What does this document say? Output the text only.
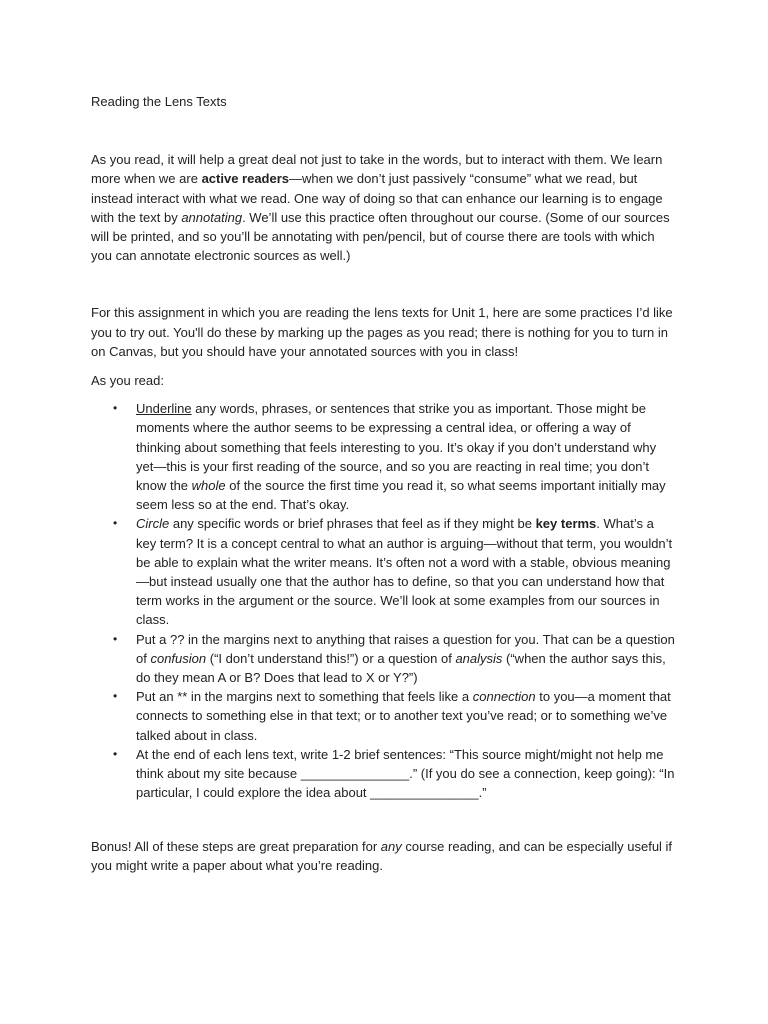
Reading the Lens Texts

As you read, it will help a great deal not just to take in the words, but to interact with them. We learn more when we are active readers—when we don’t just passively “consume” what we read, but instead interact with what we read. One way of doing so that can enhance our learning is to engage with the text by annotating. We’ll use this practice often throughout our course. (Some of our sources will be printed, and so you’ll be annotating with pen/pencil, but of course there are tools with which you can annotate electronic sources as well.)

For this assignment in which you are reading the lens texts for Unit 1, here are some practices I’d like you to try out. You'll do these by marking up the pages as you read; there is nothing for you to turn in on Canvas, but you should have your annotated sources with you in class!

As you read:

• Underline any words, phrases, or sentences that strike you as important. Those might be moments where the author seems to be expressing a central idea, or offering a way of thinking about something that feels interesting to you. It’s okay if you don’t understand why yet—this is your first reading of the source, and so you are reacting in real time; you don’t know the whole of the source the first time you read it, so what seems important initially may seem less so at the end. That’s okay.
• Circle any specific words or brief phrases that feel as if they might be key terms. What’s a key term? It is a concept central to what an author is arguing—without that term, you wouldn’t be able to explain what the writer means. It’s often not a word with a stable, obvious meaning—but instead usually one that the author has to define, so that you can understand how that term works in the argument or the source. We’ll look at some examples from our sources in class.
• Put a ?? in the margins next to anything that raises a question for you. That can be a question of confusion (“I don’t understand this!”) or a question of analysis (“when the author says this, do they mean A or B? Does that lead to X or Y?”)
• Put an ** in the margins next to something that feels like a connection to you—a moment that connects to something else in that text; or to another text you’ve read; or to something we’ve talked about in class.
• At the end of each lens text, write 1-2 brief sentences: “This source might/might not help me think about my site because _______________.” (If you do see a connection, keep going): “In particular, I could explore the idea about _______________.”

Bonus! All of these steps are great preparation for any course reading, and can be especially useful if you might write a paper about what you’re reading.
